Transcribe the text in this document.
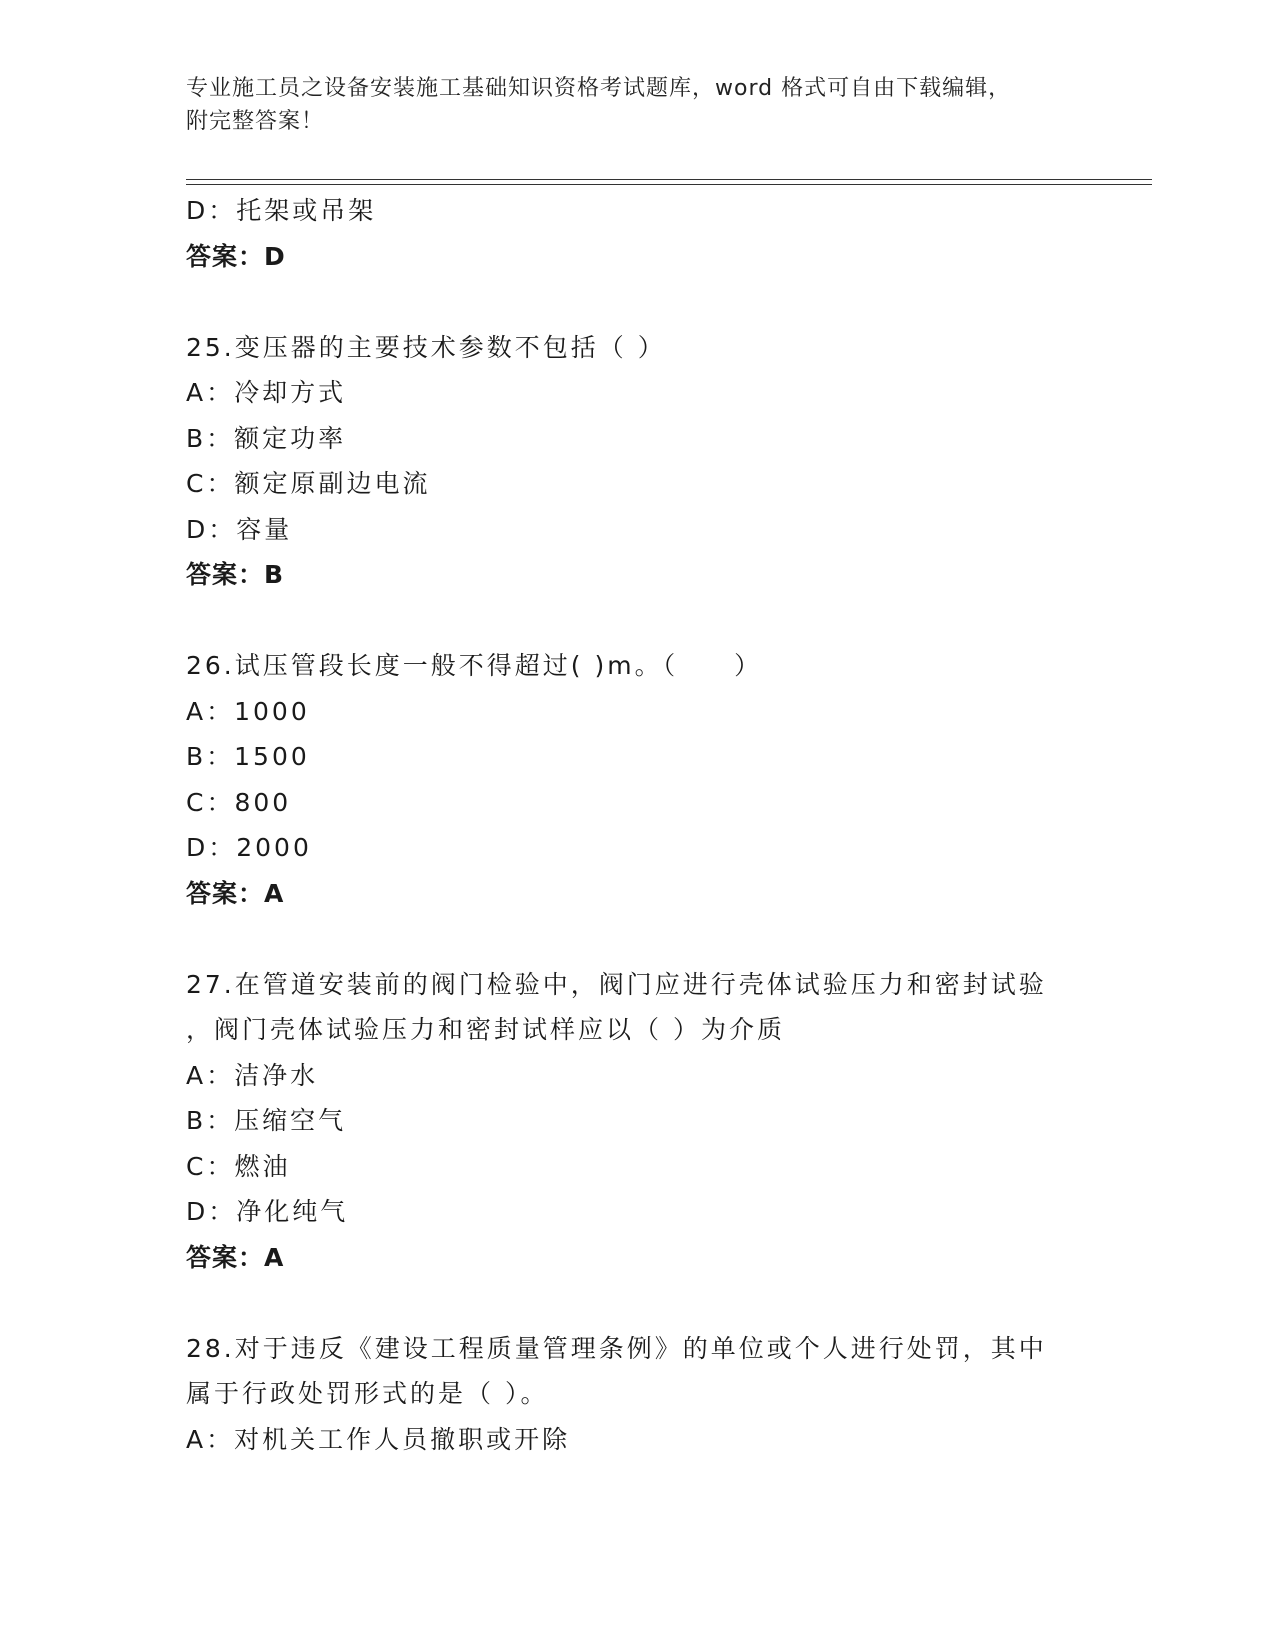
专业施工员之设备安装施工基础知识资格考试题库，word 格式可自由下载编辑，
附完整答案！
D：托架或吊架
答案：D
25.变压器的主要技术参数不包括（ ）
A：冷却方式
B：额定功率
C：额定原副边电流
D：容量
答案：B
26.试压管段长度一般不得超过( )m。（　　）
A：1000
B：1500
C：800
D：2000
答案：A
27.在管道安装前的阀门检验中，阀门应进行壳体试验压力和密封试验
，阀门壳体试验压力和密封试样应以（ ）为介质
A：洁净水
B：压缩空气
C：燃油
D：净化纯气
答案：A
28.对于违反《建设工程质量管理条例》的单位或个人进行处罚，其中
属于行政处罚形式的是（ ）。
A：对机关工作人员撤职或开除
